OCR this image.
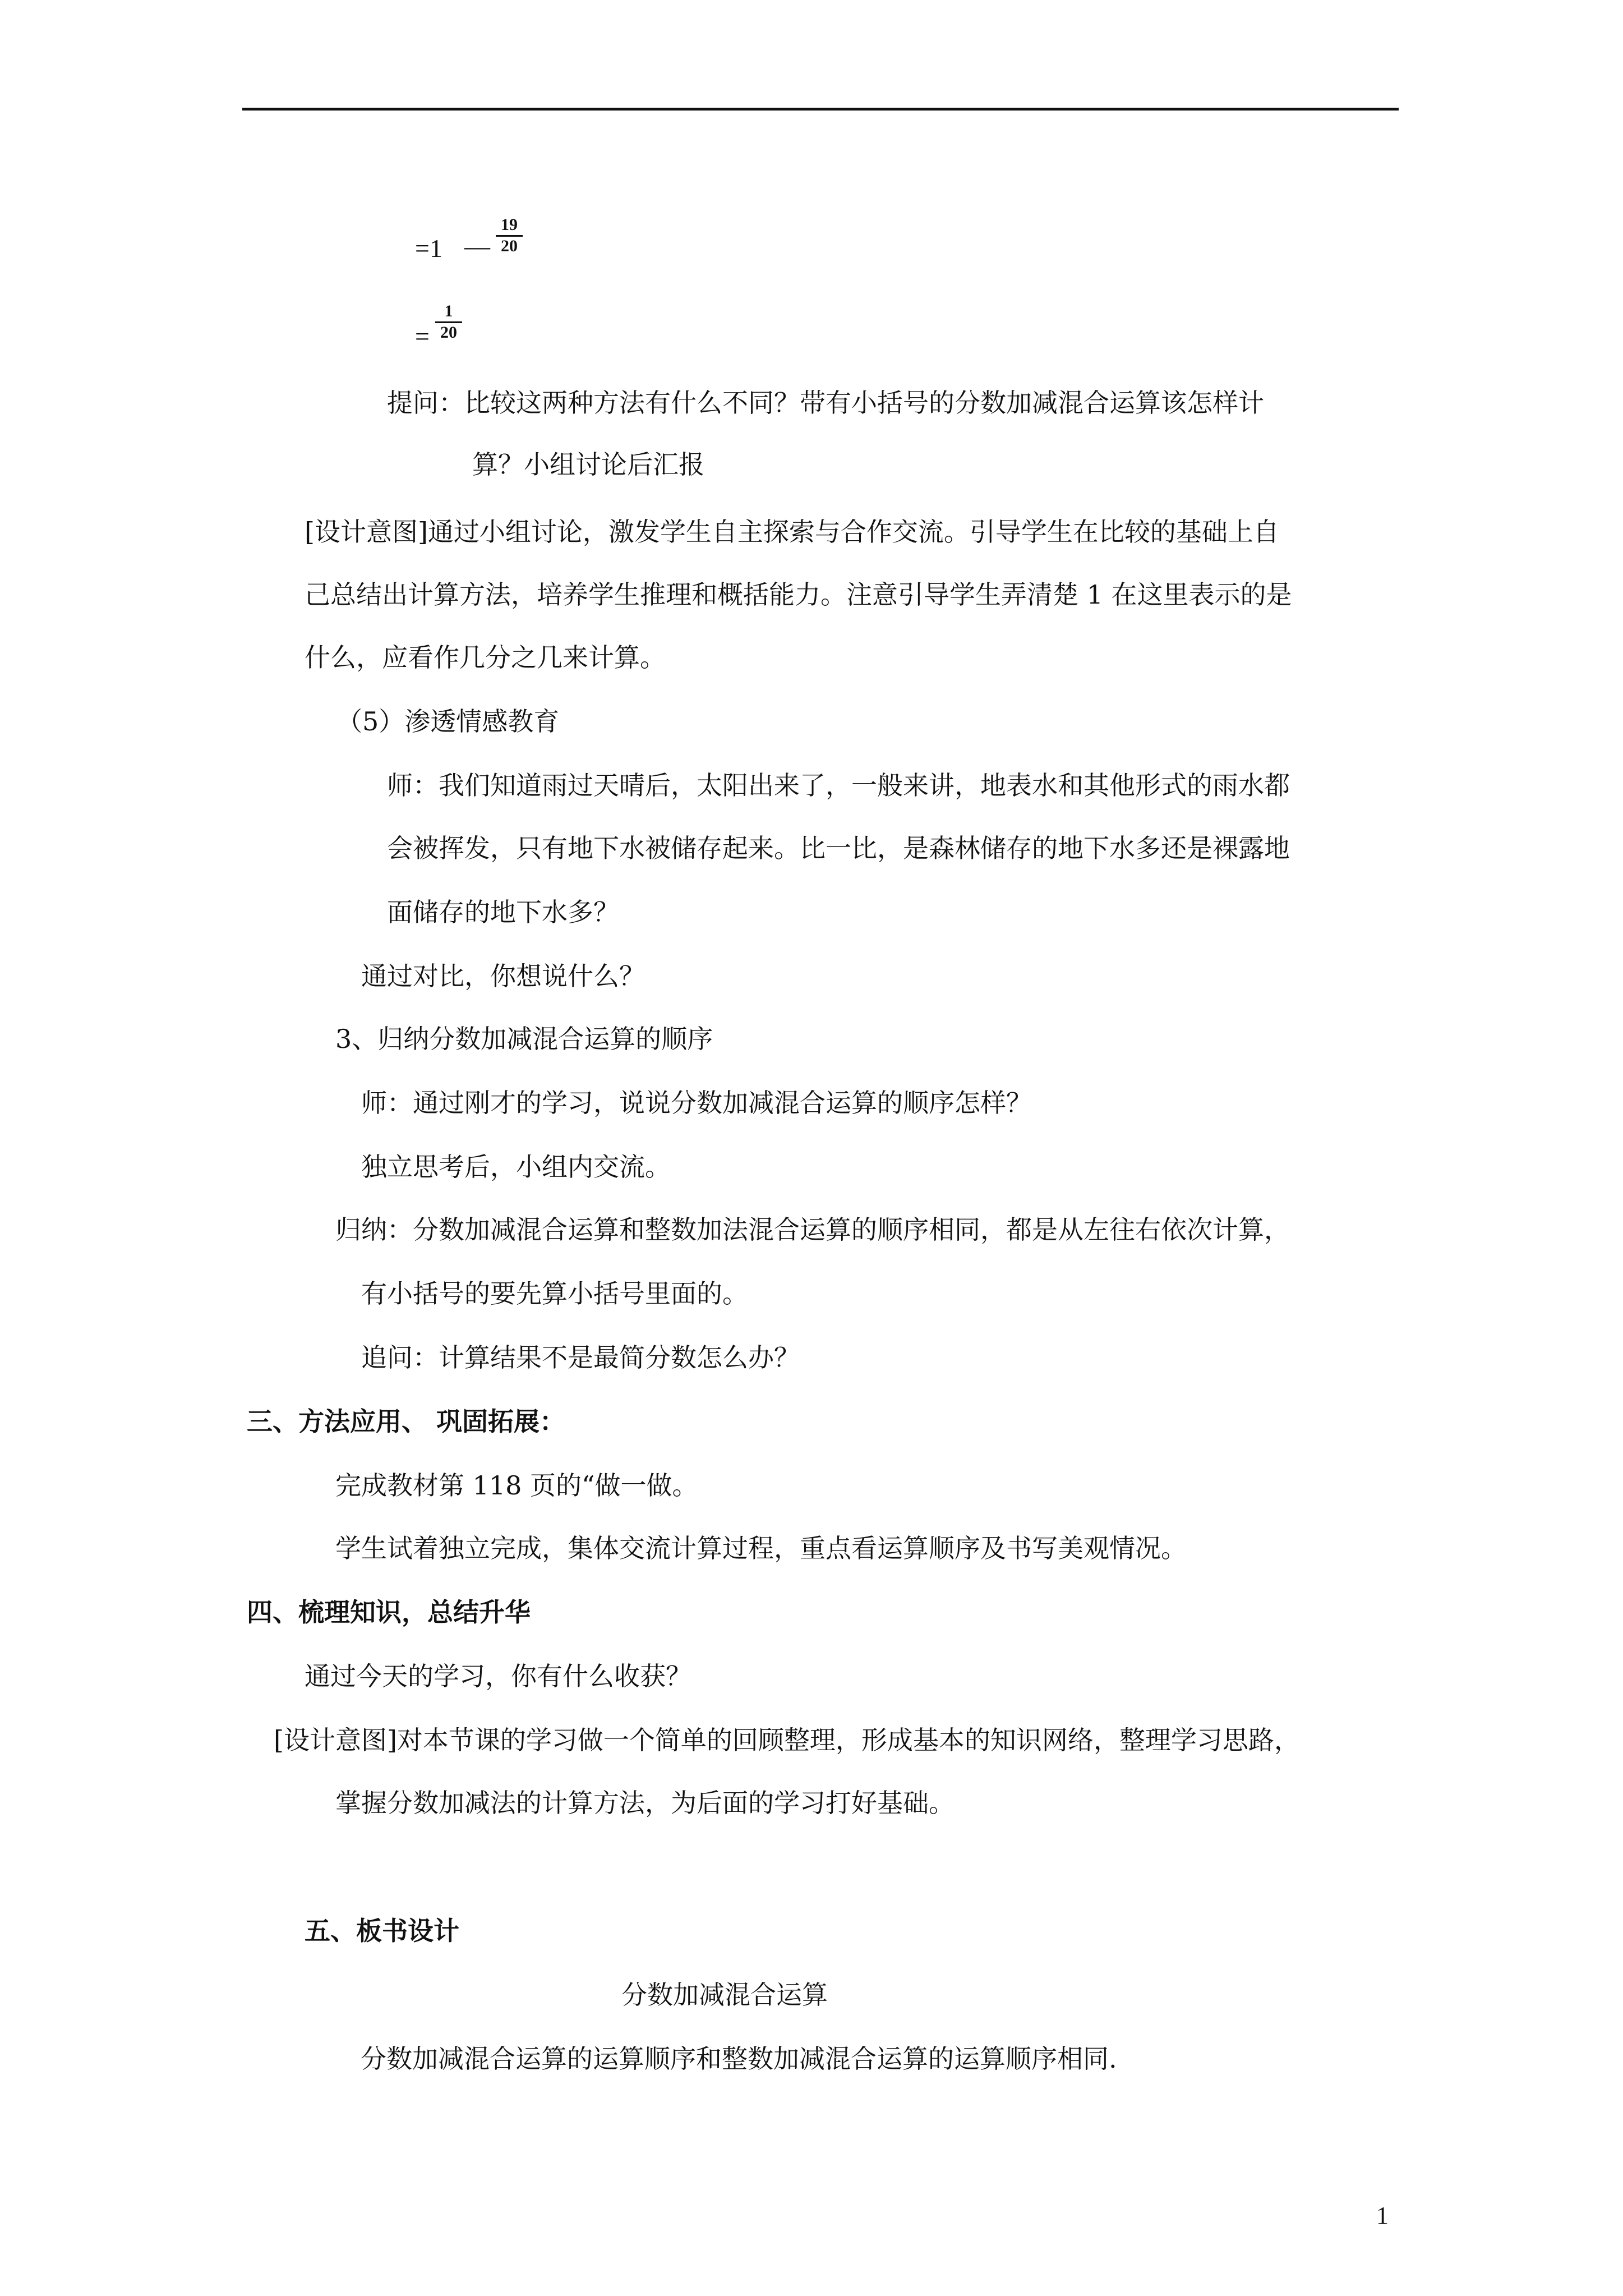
=1 —
19
20
=
1
20
提问：比较这两种方法有什么不同？带有小括号的分数加减混合运算该怎样计
算？小组讨论后汇报
[设计意图]通过小组讨论，激发学生自主探索与合作交流。引导学生在比较的基础上自
己总结出计算方法，培养学生推理和概括能力。注意引导学生弄清楚 1 在这里表示的是
什么，应看作几分之几来计算。
（5）渗透情感教育
师：我们知道雨过天晴后，太阳出来了，一般来讲，地表水和其他形式的雨水都
会被挥发，只有地下水被储存起来。比一比，是森林储存的地下水多还是裸露地
面储存的地下水多？
通过对比，你想说什么？
3、归纳分数加减混合运算的顺序
师：通过刚才的学习，说说分数加减混合运算的顺序怎样？
独立思考后，小组内交流。
归纳：分数加减混合运算和整数加法混合运算的顺序相同，都是从左往右依次计算，
有小括号的要先算小括号里面的。
追问：计算结果不是最简分数怎么办？
三、方法应用、 巩固拓展：
完成教材第 118 页的“做一做。
学生试着独立完成，集体交流计算过程，重点看运算顺序及书写美观情况。
四、梳理知识，总结升华
通过今天的学习，你有什么收获？
[设计意图]对本节课的学习做一个简单的回顾整理，形成基本的知识网络，整理学习思路，
掌握分数加减法的计算方法，为后面的学习打好基础。
五、板书设计
分数加减混合运算
分数加减混合运算的运算顺序和整数加减混合运算的运算顺序相同.
1
